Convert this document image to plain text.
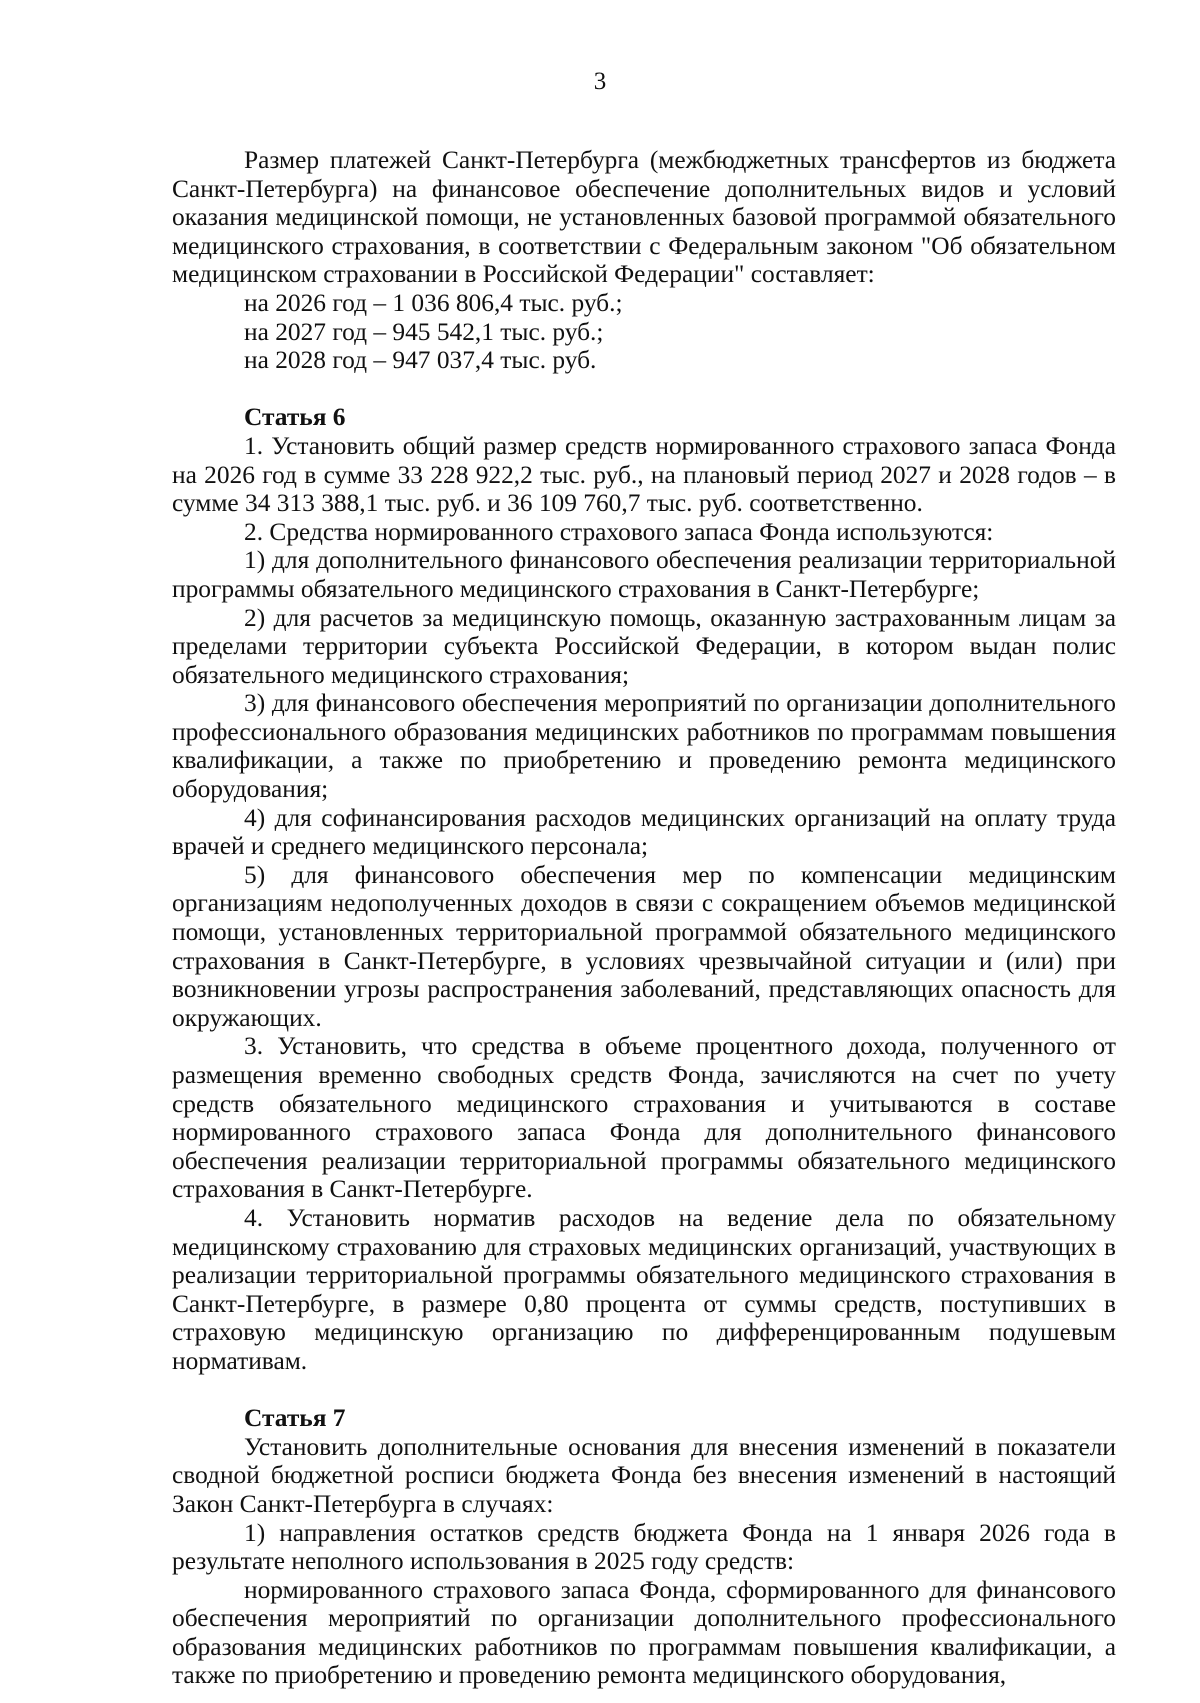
3

Размер платежей Санкт-Петербурга (межбюджетных трансфертов из бюджета Санкт-Петербурга) на финансовое обеспечение дополнительных видов и условий оказания медицинской помощи, не установленных базовой программой обязательного медицинского страхования, в соответствии с Федеральным законом "Об обязательном медицинском страховании в Российской Федерации" составляет:

на 2026 год – 1 036 806,4 тыс. руб.;

на 2027 год – 945 542,1 тыс. руб.;

на 2028 год – 947 037,4 тыс. руб.

Статья 6

1. Установить общий размер средств нормированного страхового запаса Фонда на 2026 год в сумме 33 228 922,2 тыс. руб., на плановый период 2027 и 2028 годов – в сумме 34 313 388,1 тыс. руб. и 36 109 760,7 тыс. руб. соответственно.

2. Средства нормированного страхового запаса Фонда используются:

1) для дополнительного финансового обеспечения реализации территориальной программы обязательного медицинского страхования в Санкт-Петербурге;

2) для расчетов за медицинскую помощь, оказанную застрахованным лицам за пределами территории субъекта Российской Федерации, в котором выдан полис обязательного медицинского страхования;

3) для финансового обеспечения мероприятий по организации дополнительного профессионального образования медицинских работников по программам повышения квалификации, а также по приобретению и проведению ремонта медицинского оборудования;

4) для софинансирования расходов медицинских организаций на оплату труда врачей и среднего медицинского персонала;

5) для финансового обеспечения мер по компенсации медицинским организациям недополученных доходов в связи с сокращением объемов медицинской помощи, установленных территориальной программой обязательного медицинского страхования в Санкт-Петербурге, в условиях чрезвычайной ситуации и (или) при возникновении угрозы распространения заболеваний, представляющих опасность для окружающих.

3. Установить, что средства в объеме процентного дохода, полученного от размещения временно свободных средств Фонда, зачисляются на счет по учету средств обязательного медицинского страхования и учитываются в составе нормированного страхового запаса Фонда для дополнительного финансового обеспечения реализации территориальной программы обязательного медицинского страхования в Санкт-Петербурге.

4. Установить норматив расходов на ведение дела по обязательному медицинскому страхованию для страховых медицинских организаций, участвующих в реализации территориальной программы обязательного медицинского страхования в Санкт-Петербурге, в размере 0,80 процента от суммы средств, поступивших в страховую медицинскую организацию по дифференцированным подушевым нормативам.

Статья 7

Установить дополнительные основания для внесения изменений в показатели сводной бюджетной росписи бюджета Фонда без внесения изменений в настоящий Закон Санкт-Петербурга в случаях:

1) направления остатков средств бюджета Фонда на 1 января 2026 года в результате неполного использования в 2025 году средств:

нормированного страхового запаса Фонда, сформированного для финансового обеспечения мероприятий по организации дополнительного профессионального образования медицинских работников по программам повышения квалификации, а также по приобретению и проведению ремонта медицинского оборудования,
